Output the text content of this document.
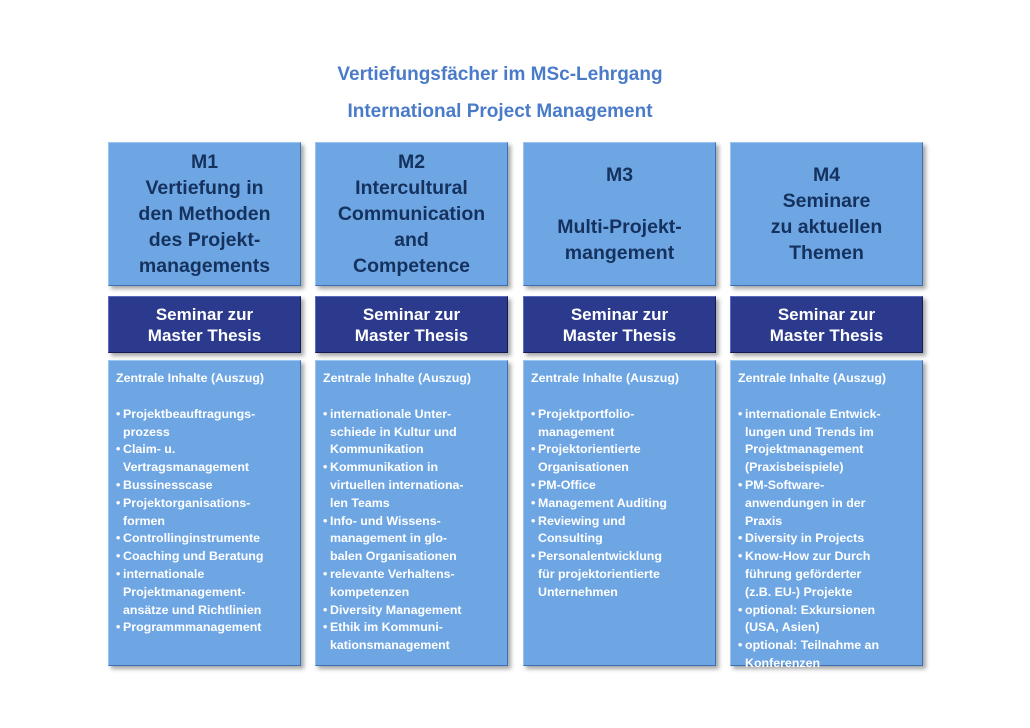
Vertiefungsfächer im MSc-Lehrgang
International Project Management
M1
Vertiefung in
den Methoden
des Projekt-
managements
Seminar zur
Master Thesis
Zentrale Inhalte (Auszug)
• Projektbeauftragungs-
prozess
• Claim- u.
Vertragsmanagement
• Bussinesscase
• Projektorganisations-
formen
• Controllinginstrumente
• Coaching und Beratung
• internationale
Projektmanagement-
ansätze und Richtlinien
• Programmmanagement
M2
Intercultural
Communication
and
Competence
Seminar zur
Master Thesis
Zentrale Inhalte (Auszug)
• internationale Unter-
schiede in Kultur und
Kommunikation
• Kommunikation in
virtuellen internationa-
len Teams
• Info- und Wissens-
management in glo-
balen Organisationen
• relevante Verhaltens-
kompetenzen
• Diversity Management
• Ethik im Kommuni-
kationsmanagement
M3

Multi-Projekt-
mangement
Seminar zur
Master Thesis
Zentrale Inhalte (Auszug)
• Projektportfolio-
management
• Projektorientierte
Organisationen
• PM-Office
• Management Auditing
• Reviewing und
Consulting
• Personalentwicklung
für projektorientierte
Unternehmen
M4
Seminare
zu aktuellen
Themen
Seminar zur
Master Thesis
Zentrale Inhalte (Auszug)
• internationale Entwick-
lungen und Trends im
Projektmanagement
(Praxisbeispiele)
• PM-Software-
anwendungen in der
Praxis
• Diversity in Projects
• Know-How zur Durch
führung geförderter
(z.B. EU-) Projekte
• optional: Exkursionen
(USA, Asien)
• optional: Teilnahme an
Konferenzen
